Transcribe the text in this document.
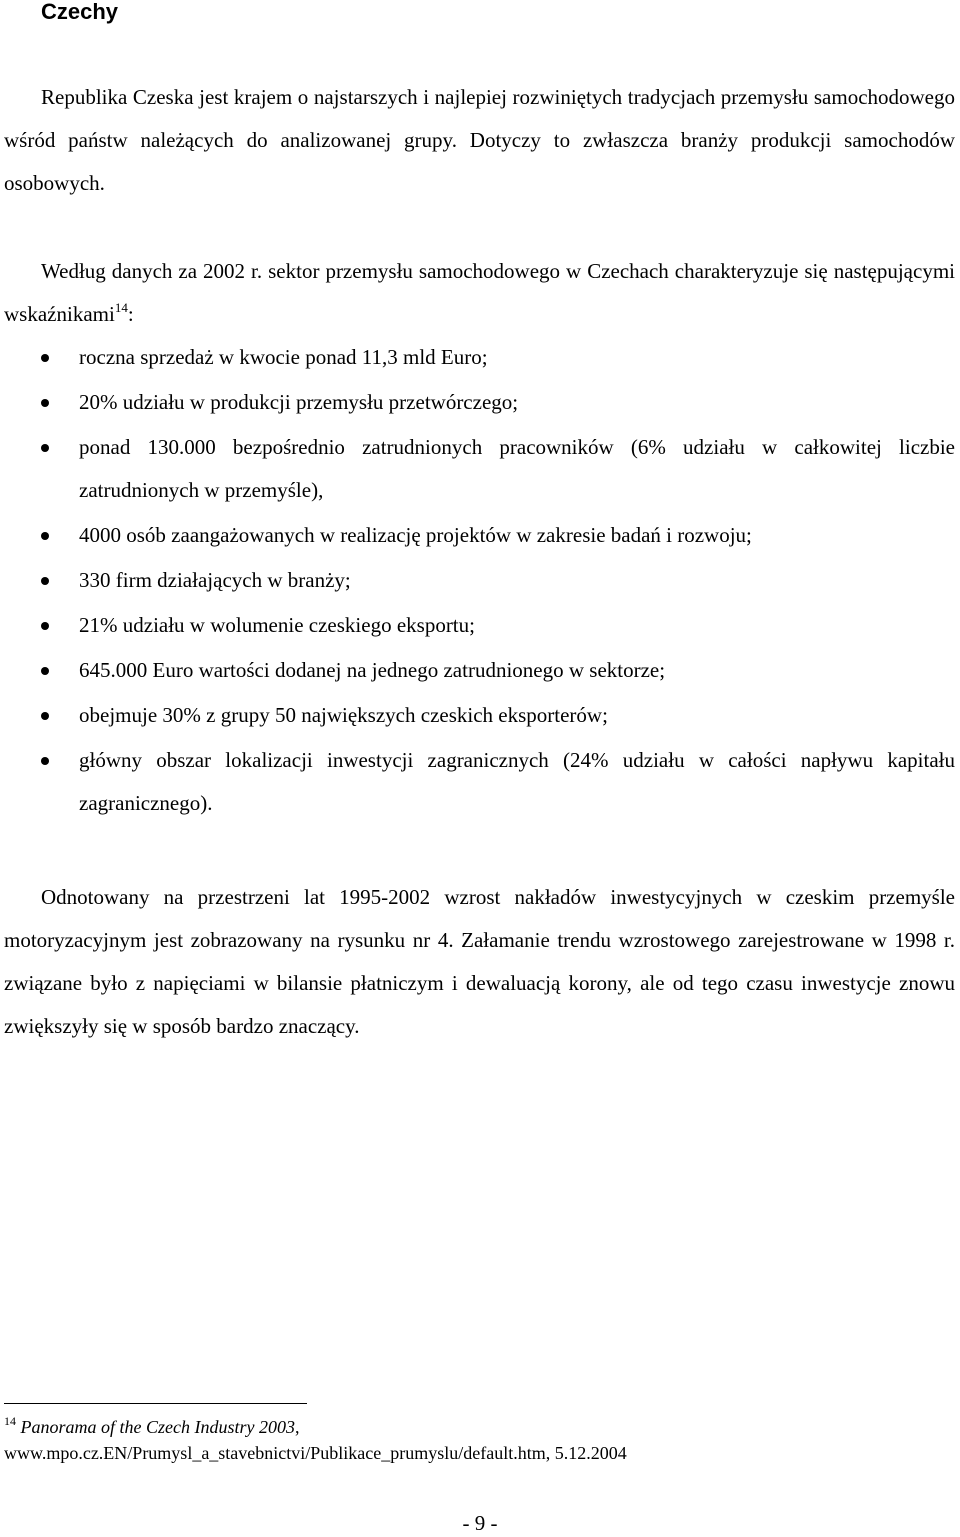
Czechy

Republika Czeska jest krajem o najstarszych i najlepiej rozwiniętych tradycjach przemysłu samochodowego wśród państw należących do analizowanej grupy. Dotyczy to zwłaszcza branży produkcji samochodów osobowych.

Według danych za 2002 r. sektor przemysłu samochodowego w Czechach charakteryzuje się następującymi wskaźnikami$^{14}$:

roczna sprzedaż w kwocie ponad 11,3 mld Euro;
20% udziału w produkcji przemysłu przetwórczego;
ponad 130.000 bezpośrednio zatrudnionych pracowników (6% udziału w całkowitej liczbie zatrudnionych w przemyśle),
4000 osób zaangażowanych w realizację projektów w zakresie badań i rozwoju;
330 firm działających w branży;
21% udziału w wolumenie czeskiego eksportu;
645.000 Euro wartości dodanej na jednego zatrudnionego w sektorze;
obejmuje 30% z grupy 50 największych czeskich eksporterów;
główny obszar lokalizacji inwestycji zagranicznych (24% udziału w całości napływu kapitału zagranicznego).

Odnotowany na przestrzeni lat 1995-2002 wzrost nakładów inwestycyjnych w czeskim przemyśle motoryzacyjnym jest zobrazowany na rysunku nr 4. Załamanie trendu wzrostowego zarejestrowane w 1998 r. związane było z napięciami w bilansie płatniczym i dewaluacją korony, ale od tego czasu inwestycje znowu zwiększyły się w sposób bardzo znaczący.

$^{14}$ Panorama of the Czech Industry 2003,
www.mpo.cz.EN/Prumysl_a_stavebnictvi/Publikace_prumyslu/default.htm, 5.12.2004

- 9 -
